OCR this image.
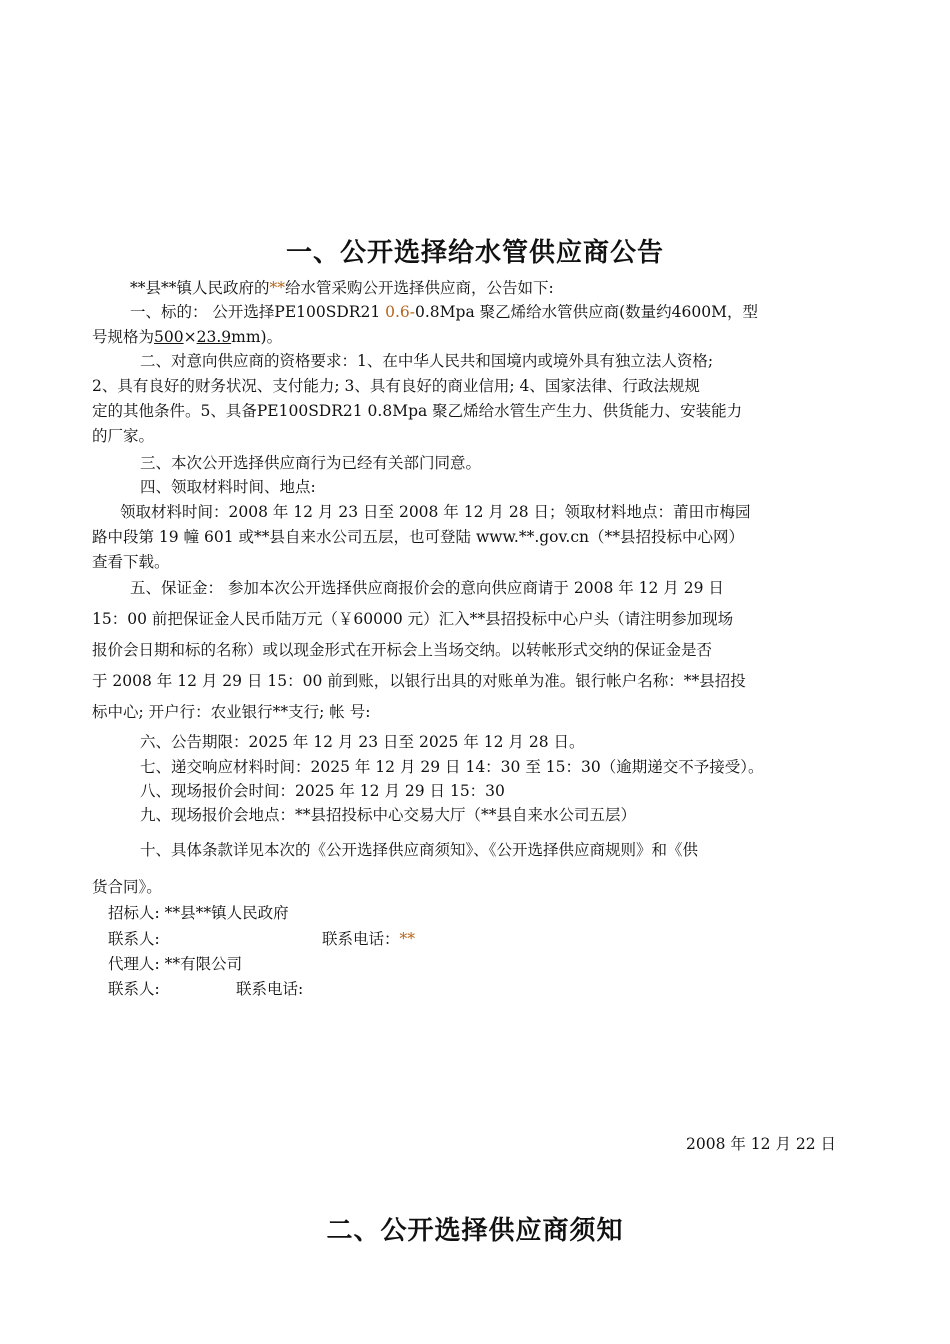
一、公开选择给水管供应商公告
**县**镇人民政府的**给水管采购公开选择供应商，公告如下:
一、标的： 公开选择PE100SDR21 0.6-0.8Mpa 聚乙烯给水管供应商(数量约4600M，型
号规格为500×23.9mm)。
二、对意向供应商的资格要求：1、在中华人民共和国境内或境外具有独立法人资格;
2、具有良好的财务状况、支付能力; 3、具有良好的商业信用; 4、国家法律、行政法规规
定的其他条件。5、具备PE100SDR21 0.8Mpa 聚乙烯给水管生产生力、供货能力、安装能力
的厂家。
三、本次公开选择供应商行为已经有关部门同意。
四、领取材料时间、地点:
领取材料时间：2008 年 12 月 23 日至 2008 年 12 月 28 日；领取材料地点：莆田市梅园
路中段第 19 幢 601 或**县自来水公司五层，也可登陆 www.**.gov.cn（**县招投标中心网）
查看下载。
五、保证金： 参加本次公开选择供应商报价会的意向供应商请于 2008 年 12 月 29 日
15：00 前把保证金人民币陆万元（￥60000 元）汇入**县招投标中心户头（请注明参加现场
报价会日期和标的名称）或以现金形式在开标会上当场交纳。以转帐形式交纳的保证金是否
于 2008 年 12 月 29 日 15：00 前到账，以银行出具的对账单为准。银行帐户名称：**县招投
标中心; 开户行：农业银行**支行; 帐 号:
六、公告期限：2025 年 12 月 23 日至 2025 年 12 月 28 日。
七、递交响应材料时间：2025 年 12 月 29 日 14：30 至 15：30（逾期递交不予接受）。
八、现场报价会时间：2025 年 12 月 29 日 15：30
九、现场报价会地点：**县招投标中心交易大厅（**县自来水公司五层）
十、具体条款详见本次的《公开选择供应商须知》、《公开选择供应商规则》和《供
货合同》。
招标人: **县**镇人民政府
联系人:	联系电话：**
代理人: **有限公司
联系人:	联系电话:
2008 年 12 月 22 日
二、公开选择供应商须知
